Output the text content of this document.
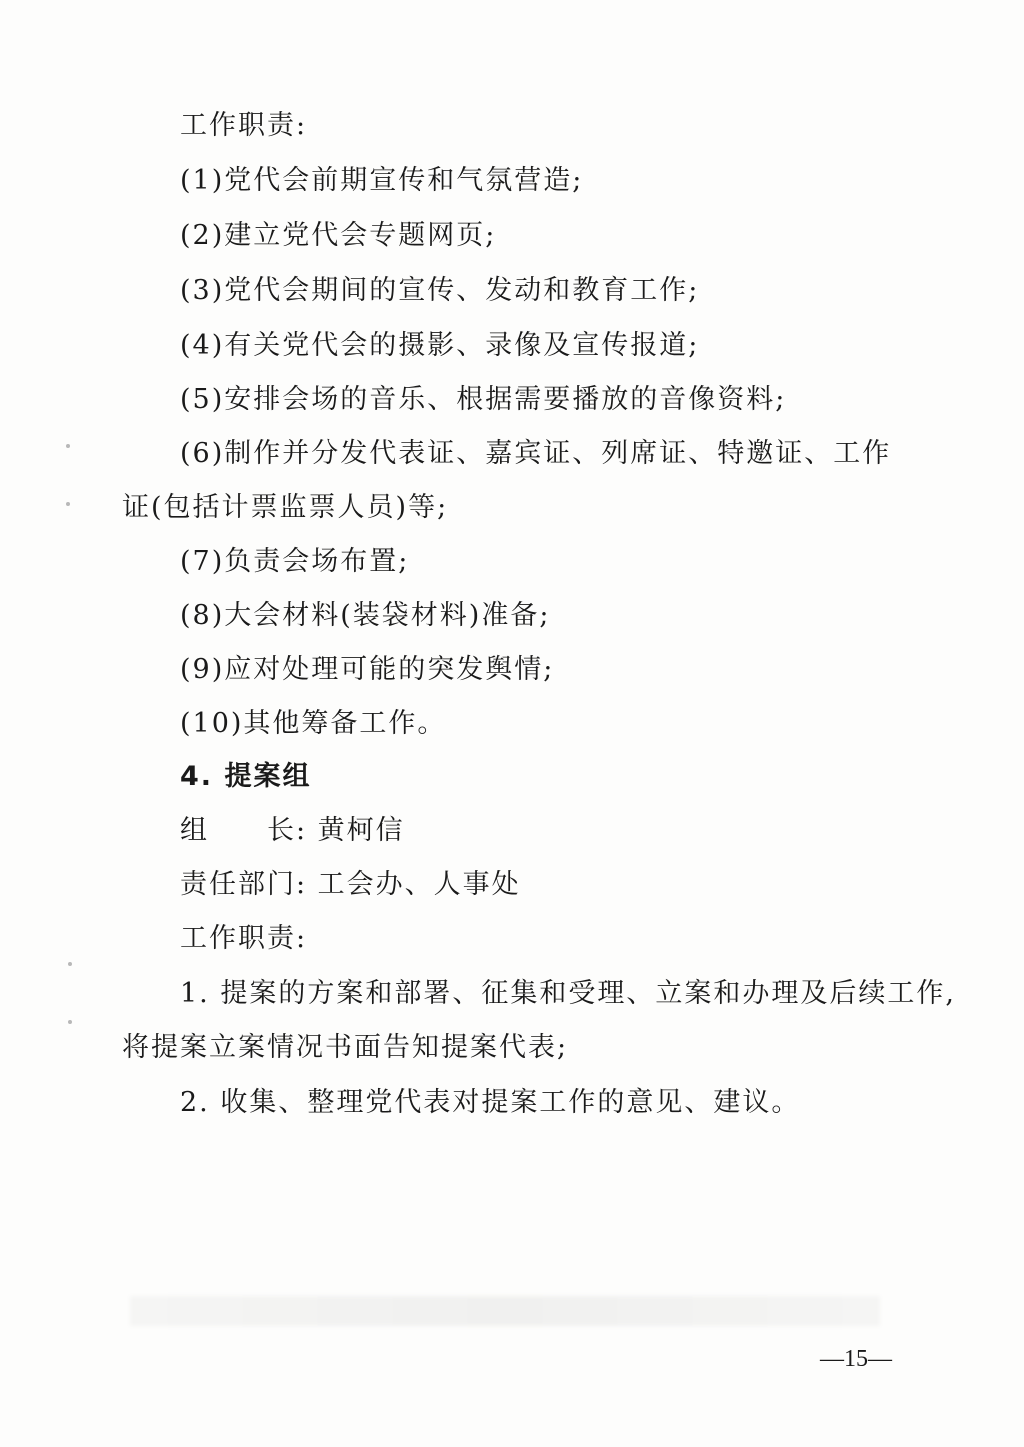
工作职责:
(1)党代会前期宣传和气氛营造;
(2)建立党代会专题网页;
(3)党代会期间的宣传、发动和教育工作;
(4)有关党代会的摄影、录像及宣传报道;
(5)安排会场的音乐、根据需要播放的音像资料;
(6)制作并分发代表证、嘉宾证、列席证、特邀证、工作
证(包括计票监票人员)等;
(7)负责会场布置;
(8)大会材料(装袋材料)准备;
(9)应对处理可能的突发舆情;
(10)其他筹备工作。
4. 提案组
组　　长: 黄柯信
责任部门: 工会办、人事处
工作职责:
1. 提案的方案和部署、征集和受理、立案和办理及后续工作,
将提案立案情况书面告知提案代表;
2. 收集、整理党代表对提案工作的意见、建议。
—15—
